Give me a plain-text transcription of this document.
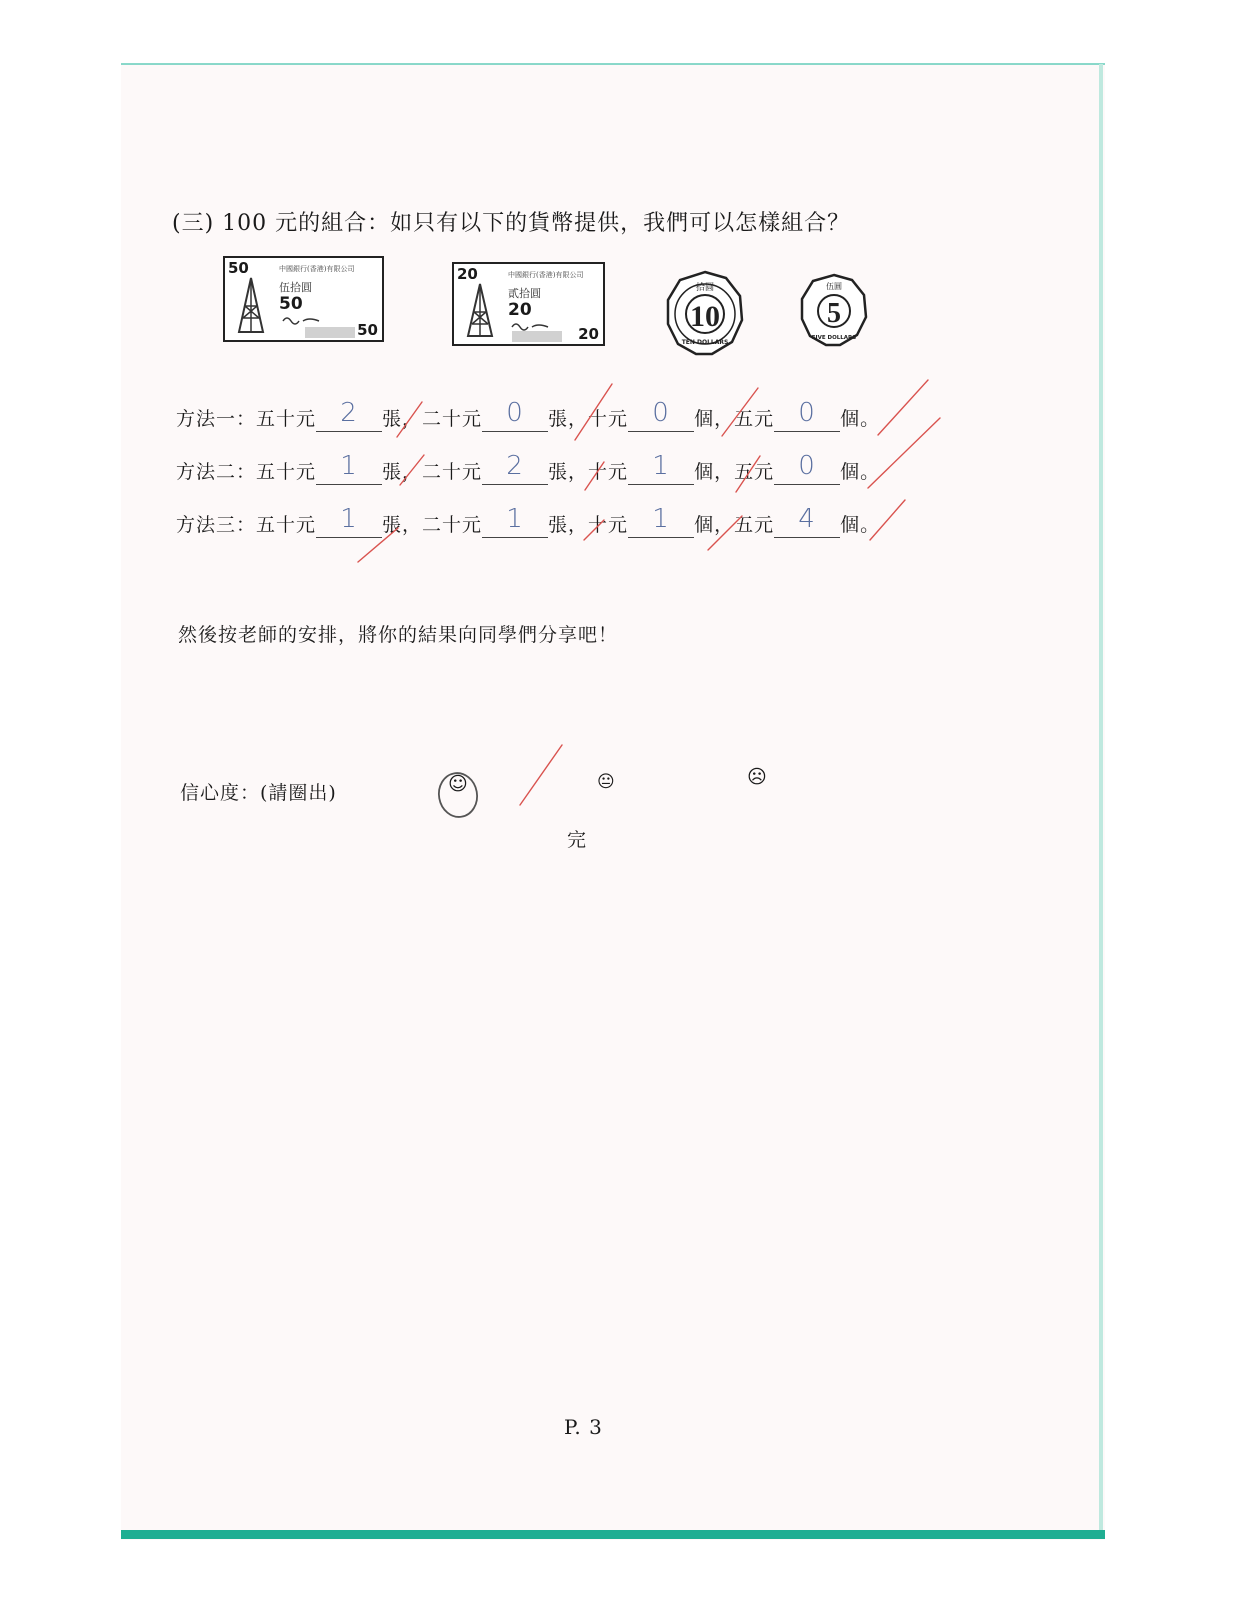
(三) 100 元的組合：如只有以下的貨幣提供，我們可以怎樣組合？
50	中國銀行(香港)有限公司
伍拾圓
50
50
20	中國銀行(香港)有限公司
貳拾圓
20
20
10
拾圓
TEN DOLLARS
5
伍圓
FIVE DOLLARS
方法一：五十元 2 張，二十元 0 張，十元 0 個，五元 0 個。
方法二：五十元 1 張，二十元 2 張，十元 1 個，五元 0 個。
方法三：五十元 1 張，二十元 1 張，十元 1 個，五元 4 個。
然後按老師的安排，將你的結果向同學們分享吧！
信心度：(請圈出)	☺	😐	☹
完
P. 3
